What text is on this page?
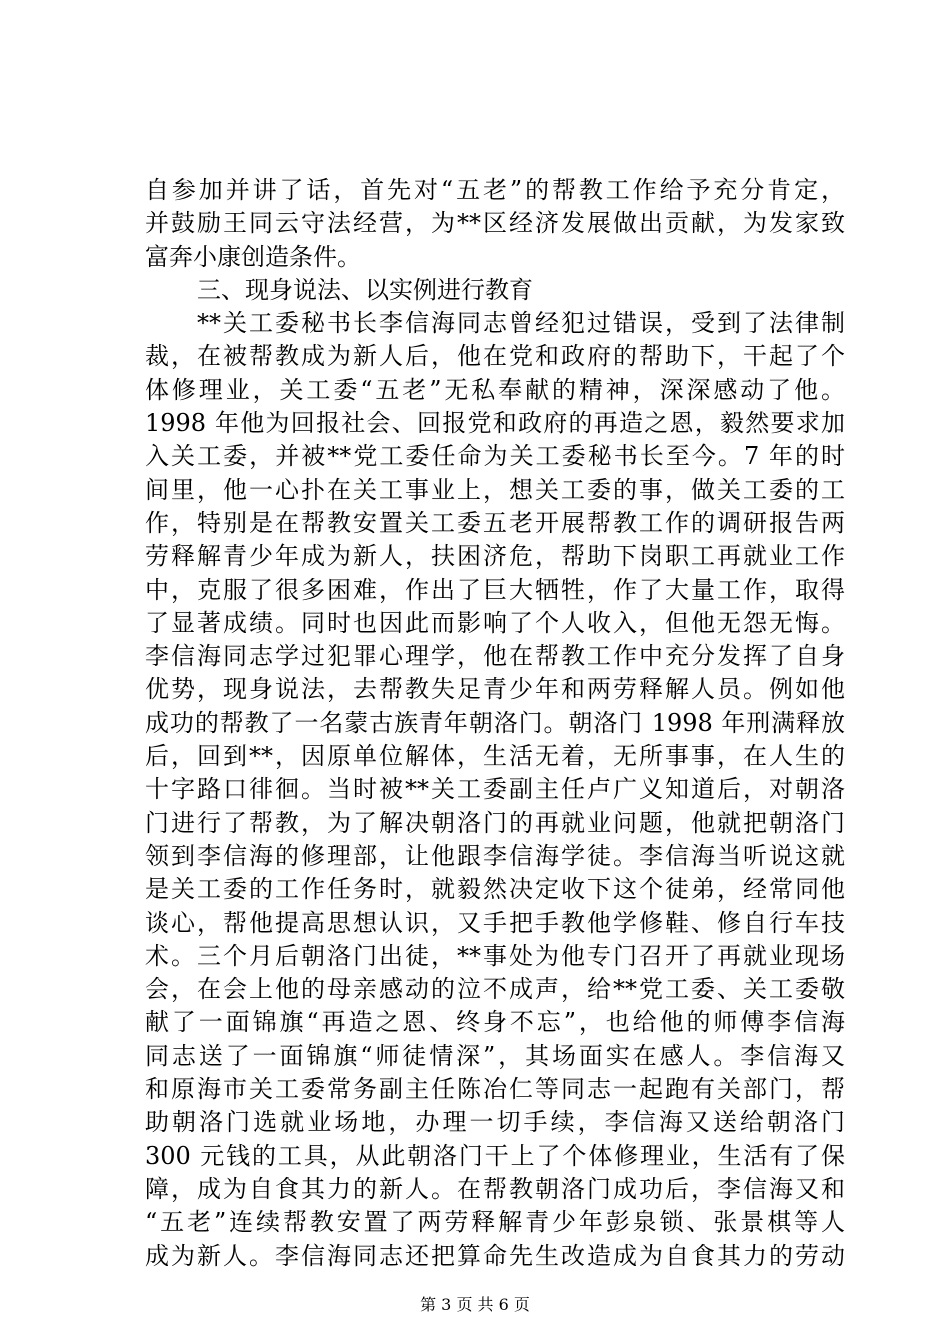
自参加并讲了话，首先对“五老”的帮教工作给予充分肯定，
并鼓励王同云守法经营，为**区经济发展做出贡献，为发家致
富奔小康创造条件。
三、现身说法、以实例进行教育
**关工委秘书长李信海同志曾经犯过错误，受到了法律制
裁，在被帮教成为新人后，他在党和政府的帮助下，干起了个
体修理业，关工委“五老”无私奉献的精神，深深感动了他。
1998 年他为回报社会、回报党和政府的再造之恩，毅然要求加
入关工委，并被**党工委任命为关工委秘书长至今。7 年的时
间里，他一心扑在关工事业上，想关工委的事，做关工委的工
作，特别是在帮教安置关工委五老开展帮教工作的调研报告两
劳释解青少年成为新人，扶困济危，帮助下岗职工再就业工作
中，克服了很多困难，作出了巨大牺牲，作了大量工作，取得
了显著成绩。同时也因此而影响了个人收入，但他无怨无悔。
李信海同志学过犯罪心理学，他在帮教工作中充分发挥了自身
优势，现身说法，去帮教失足青少年和两劳释解人员。例如他
成功的帮教了一名蒙古族青年朝洛门。朝洛门 1998 年刑满释放
后，回到**，因原单位解体，生活无着，无所事事，在人生的
十字路口徘徊。当时被**关工委副主任卢广义知道后，对朝洛
门进行了帮教，为了解决朝洛门的再就业问题，他就把朝洛门
领到李信海的修理部，让他跟李信海学徒。李信海当听说这就
是关工委的工作任务时，就毅然决定收下这个徒弟，经常同他
谈心，帮他提高思想认识，又手把手教他学修鞋、修自行车技
术。三个月后朝洛门出徒，**事处为他专门召开了再就业现场
会，在会上他的母亲感动的泣不成声，给**党工委、关工委敬
献了一面锦旗“再造之恩、终身不忘”，也给他的师傅李信海
同志送了一面锦旗“师徒情深”，其场面实在感人。李信海又
和原海市关工委常务副主任陈冶仁等同志一起跑有关部门，帮
助朝洛门选就业场地，办理一切手续，李信海又送给朝洛门
300 元钱的工具，从此朝洛门干上了个体修理业，生活有了保
障，成为自食其力的新人。在帮教朝洛门成功后，李信海又和
“五老”连续帮教安置了两劳释解青少年彭泉锁、张景棋等人
成为新人。李信海同志还把算命先生改造成为自食其力的劳动
第 3 页 共 6 页
